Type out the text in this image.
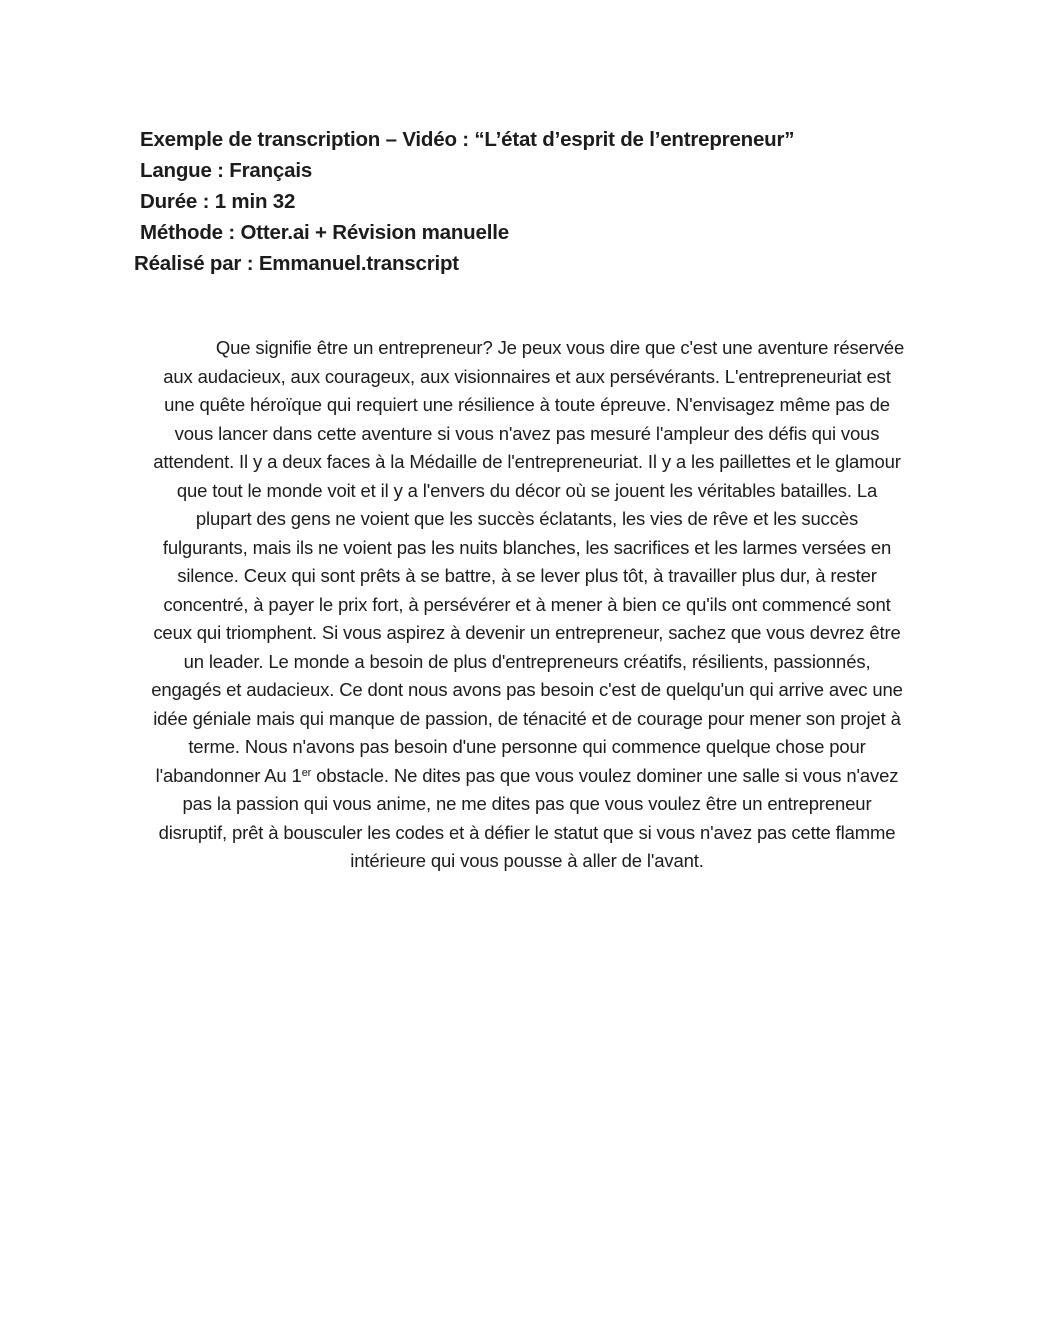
Exemple de transcription – Vidéo : “L’état d’esprit de l’entrepreneur”
Langue : Français
Durée : 1 min 32
Méthode : Otter.ai + Révision manuelle
Réalisé par : Emmanuel.transcript
Que signifie être un entrepreneur? Je peux vous dire que c'est une aventure réservée
aux audacieux, aux courageux, aux visionnaires et aux persévérants. L'entrepreneuriat est
une quête héroïque qui requiert une résilience à toute épreuve. N'envisagez même pas de
vous lancer dans cette aventure si vous n'avez pas mesuré l'ampleur des défis qui vous
attendent. Il y a deux faces à la Médaille de l'entrepreneuriat. Il y a les paillettes et le glamour
que tout le monde voit et il y a l'envers du décor où se jouent les véritables batailles. La
plupart des gens ne voient que les succès éclatants, les vies de rêve et les succès
fulgurants, mais ils ne voient pas les nuits blanches, les sacrifices et les larmes versées en
silence. Ceux qui sont prêts à se battre, à se lever plus tôt, à travailler plus dur, à rester
concentré, à payer le prix fort, à persévérer et à mener à bien ce qu'ils ont commencé sont
ceux qui triomphent. Si vous aspirez à devenir un entrepreneur, sachez que vous devrez être
un leader. Le monde a besoin de plus d'entrepreneurs créatifs, résilients, passionnés,
engagés et audacieux. Ce dont nous avons pas besoin c'est de quelqu'un qui arrive avec une
idée géniale mais qui manque de passion, de ténacité et de courage pour mener son projet à
terme. Nous n'avons pas besoin d'une personne qui commence quelque chose pour
l'abandonner Au 1er obstacle. Ne dites pas que vous voulez dominer une salle si vous n'avez
pas la passion qui vous anime, ne me dites pas que vous voulez être un entrepreneur
disruptif, prêt à bousculer les codes et à défier le statut que si vous n'avez pas cette flamme
intérieure qui vous pousse à aller de l'avant.
